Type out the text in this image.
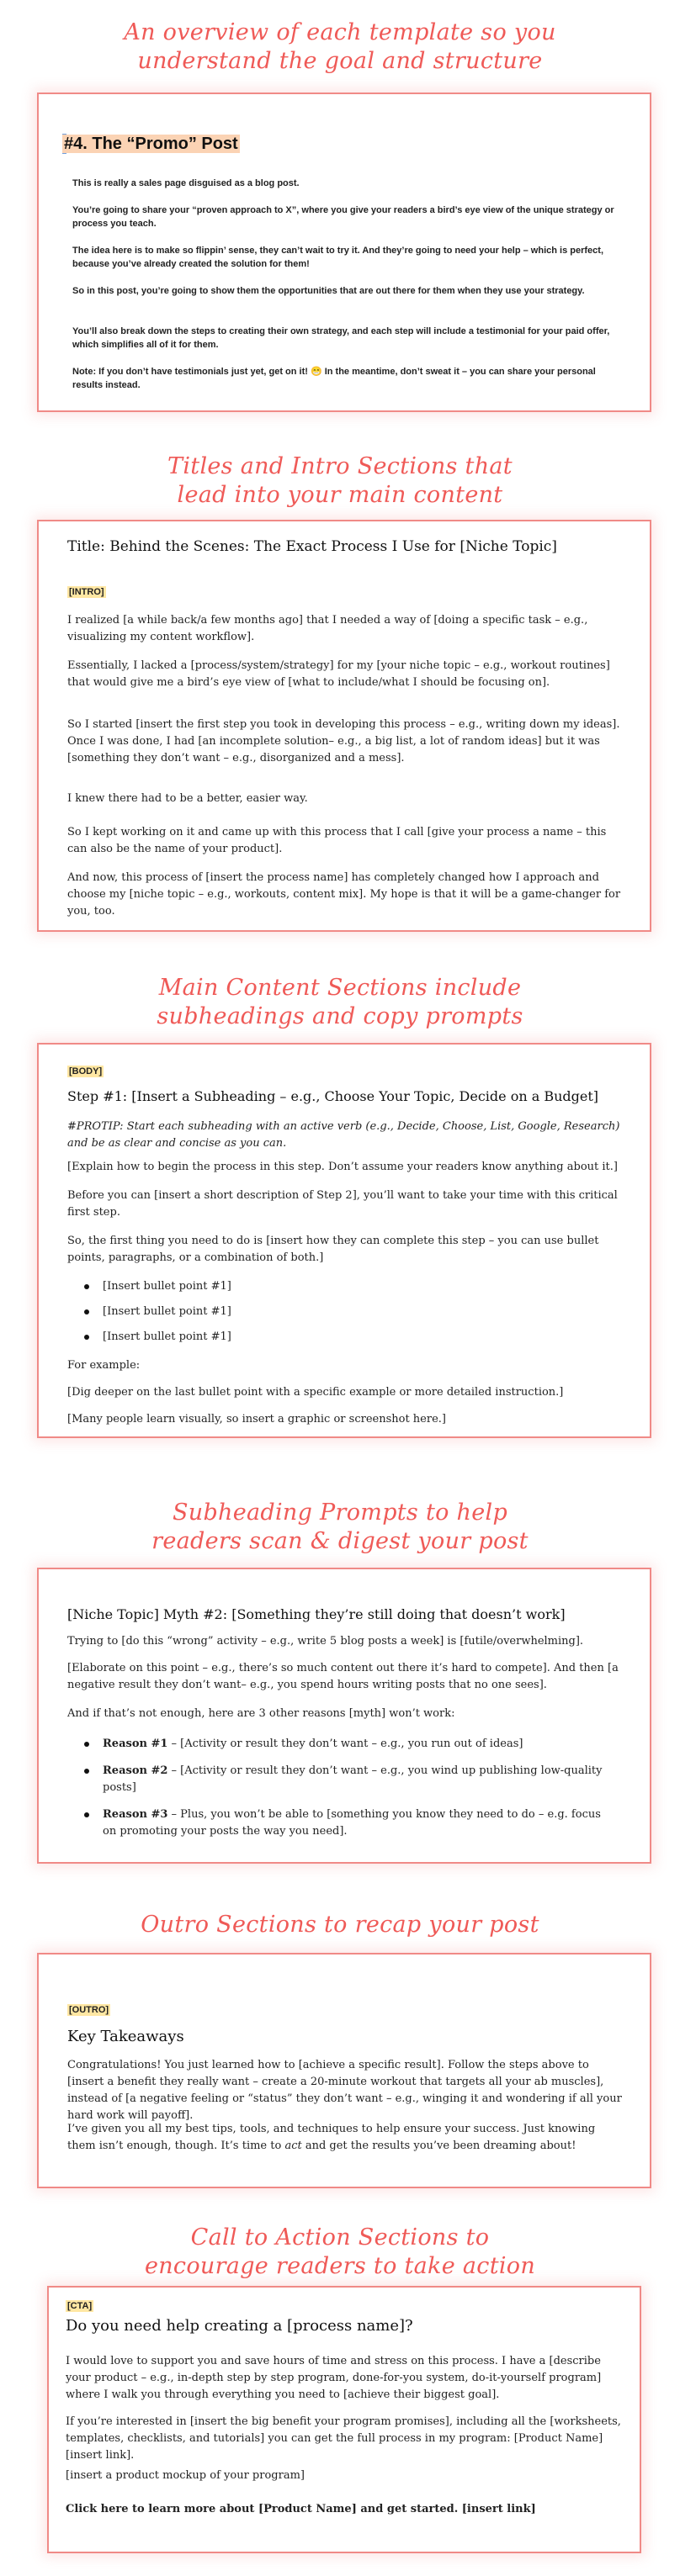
An overview of each template so you
understand the goal and structure
#4. The “Promo” Post
This is really a sales page disguised as a blog post.
You’re going to share your “proven approach to X”, where you give your readers a bird’s eye view of the unique strategy or process you teach.
The idea here is to make so flippin’ sense, they can’t wait to try it. And they’re going to need your help – which is perfect, because you’ve already created the solution for them!
So in this post, you’re going to show them the opportunities that are out there for them when they use your strategy.
You’ll also break down the steps to creating their own strategy, and each step will include a testimonial for your paid offer, which simplifies all of it for them.
Note: If you don’t have testimonials just yet, get on it! 😁 In the meantime, don’t sweat it – you can share your personal results instead.
Titles and Intro Sections that
lead into your main content
Title: Behind the Scenes: The Exact Process I Use for [Niche Topic]
[INTRO]
I realized [a while back/a few months ago] that I needed a way of [doing a specific task – e.g., visualizing my content workflow].
Essentially, I lacked a [process/system/strategy] for my [your niche topic – e.g., workout routines] that would give me a bird’s eye view of [what to include/what I should be focusing on].
So I started [insert the first step you took in developing this process – e.g., writing down my ideas]. Once I was done, I had [an incomplete solution– e.g., a big list, a lot of random ideas] but it was [something they don’t want – e.g., disorganized and a mess].
I knew there had to be a better, easier way.
So I kept working on it and came up with this process that I call [give your process a name – this can also be the name of your product].
And now, this process of [insert the process name] has completely changed how I approach and choose my [niche topic – e.g., workouts, content mix]. My hope is that it will be a game-changer for you, too.
Main Content Sections include
subheadings and copy prompts
[BODY]
Step #1: [Insert a Subheading – e.g., Choose Your Topic, Decide on a Budget]
#PROTIP: Start each subheading with an active verb (e.g., Decide, Choose, List, Google, Research) and be as clear and concise as you can.
[Explain how to begin the process in this step. Don’t assume your readers know anything about it.]
Before you can [insert a short description of Step 2], you’ll want to take your time with this critical first step.
So, the first thing you need to do is [insert how they can complete this step – you can use bullet points, paragraphs, or a combination of both.]
[Insert bullet point #1]
[Insert bullet point #1]
[Insert bullet point #1]
For example:
[Dig deeper on the last bullet point with a specific example or more detailed instruction.]
[Many people learn visually, so insert a graphic or screenshot here.]
Subheading Prompts to help
readers scan & digest your post
[Niche Topic] Myth #2: [Something they’re still doing that doesn’t work]
Trying to [do this “wrong” activity – e.g., write 5 blog posts a week] is [futile/overwhelming].
[Elaborate on this point – e.g., there’s so much content out there it’s hard to compete]. And then [a negative result they don’t want– e.g., you spend hours writing posts that no one sees].
And if that’s not enough, here are 3 other reasons [myth] won’t work:
Reason #1 – [Activity or result they don’t want – e.g., you run out of ideas]
Reason #2 – [Activity or result they don’t want – e.g., you wind up publishing low-quality posts]
Reason #3 – Plus, you won’t be able to [something you know they need to do – e.g. focus on promoting your posts the way you need].
Outro Sections to recap your post
[OUTRO]
Key Takeaways
Congratulations! You just learned how to [achieve a specific result]. Follow the steps above to [insert a benefit they really want – create a 20-minute workout that targets all your ab muscles], instead of [a negative feeling or “status” they don’t want – e.g., winging it and wondering if all your hard work will payoff].
I’ve given you all my best tips, tools, and techniques to help ensure your success. Just knowing them isn’t enough, though. It’s time to act and get the results you’ve been dreaming about!
Call to Action Sections to
encourage readers to take action
[CTA]
Do you need help creating a [process name]?
I would love to support you and save hours of time and stress on this process. I have a [describe your product – e.g., in-depth step by step program, done-for-you system, do-it-yourself program] where I walk you through everything you need to [achieve their biggest goal].
If you’re interested in [insert the big benefit your program promises], including all the [worksheets, templates, checklists, and tutorials] you can get the full process in my program: [Product Name] [insert link].
[insert a product mockup of your program]
Click here to learn more about [Product Name] and get started. [insert link]
